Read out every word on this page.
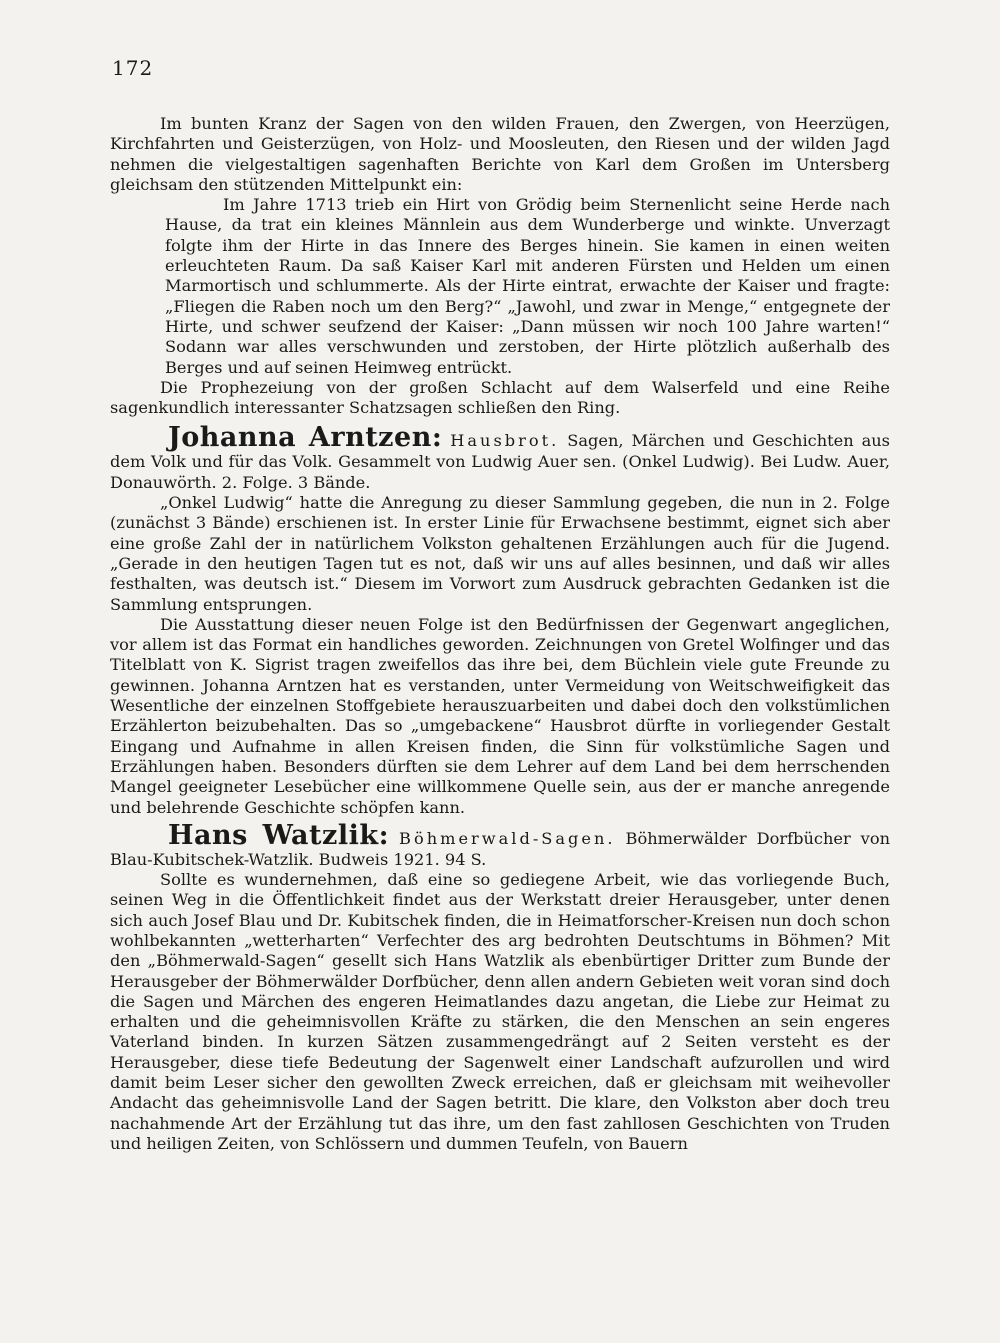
172

Im bunten Kranz der Sagen von den wilden Frauen, den Zwergen, von Heerzügen, Kirchfahrten und Geisterzügen, von Holz- und Moosleuten, den Riesen und der wilden Jagd nehmen die vielgestaltigen sagenhaften Berichte von Karl dem Großen im Untersberg gleichsam den stützenden Mittelpunkt ein:

Im Jahre 1713 trieb ein Hirt von Grödig beim Sternenlicht seine Herde nach Hause, da trat ein kleines Männlein aus dem Wunderberge und winkte. Unverzagt folgte ihm der Hirte in das Innere des Berges hinein. Sie kamen in einen weiten erleuchteten Raum. Da saß Kaiser Karl mit anderen Fürsten und Helden um einen Marmortisch und schlummerte. Als der Hirte eintrat, erwachte der Kaiser und fragte: „Fliegen die Raben noch um den Berg?“ „Jawohl, und zwar in Menge,“ entgegnete der Hirte, und schwer seufzend der Kaiser: „Dann müssen wir noch 100 Jahre warten!“ Sodann war alles verschwunden und zerstoben, der Hirte plötzlich außerhalb des Berges und auf seinen Heimweg entrückt.

Die Prophezeiung von der großen Schlacht auf dem Walserfeld und eine Reihe sagenkundlich interessanter Schatzsagen schließen den Ring.

Johanna Arntzen: Hausbrot. Sagen, Märchen und Geschichten aus dem Volk und für das Volk. Gesammelt von Ludwig Auer sen. (Onkel Ludwig). Bei Ludw. Auer, Donauwörth. 2. Folge. 3 Bände.

„Onkel Ludwig“ hatte die Anregung zu dieser Sammlung gegeben, die nun in 2. Folge (zunächst 3 Bände) erschienen ist. In erster Linie für Erwachsene bestimmt, eignet sich aber eine große Zahl der in natürlichem Volkston gehaltenen Erzählungen auch für die Jugend. „Gerade in den heutigen Tagen tut es not, daß wir uns auf alles besinnen, und daß wir alles festhalten, was deutsch ist.“ Diesem im Vorwort zum Ausdruck gebrachten Gedanken ist die Sammlung entsprungen.

Die Ausstattung dieser neuen Folge ist den Bedürfnissen der Gegenwart angeglichen, vor allem ist das Format ein handliches geworden. Zeichnungen von Gretel Wolfinger und das Titelblatt von K. Sigrist tragen zweifellos das ihre bei, dem Büchlein viele gute Freunde zu gewinnen. Johanna Arntzen hat es verstanden, unter Vermeidung von Weitschweifigkeit das Wesentliche der einzelnen Stoffgebiete herauszuarbeiten und dabei doch den volkstümlichen Erzählerton beizubehalten. Das so „umgebackene“ Hausbrot dürfte in vorliegender Gestalt Eingang und Aufnahme in allen Kreisen finden, die Sinn für volkstümliche Sagen und Erzählungen haben. Besonders dürften sie dem Lehrer auf dem Land bei dem herrschenden Mangel geeigneter Lesebücher eine willkommene Quelle sein, aus der er manche anregende und belehrende Geschichte schöpfen kann.

Hans Watzlik: Böhmerwald-Sagen. Böhmerwälder Dorfbücher von Blau-Kubitschek-Watzlik. Budweis 1921. 94 S.

Sollte es wundernehmen, daß eine so gediegene Arbeit, wie das vorliegende Buch, seinen Weg in die Öffentlichkeit findet aus der Werkstatt dreier Herausgeber, unter denen sich auch Josef Blau und Dr. Kubitschek finden, die in Heimatforscher-Kreisen nun doch schon wohlbekannten „wetterharten“ Verfechter des arg bedrohten Deutschtums in Böhmen? Mit den „Böhmerwald-Sagen“ gesellt sich Hans Watzlik als ebenbürtiger Dritter zum Bunde der Herausgeber der Böhmerwälder Dorfbücher, denn allen andern Gebieten weit voran sind doch die Sagen und Märchen des engeren Heimatlandes dazu angetan, die Liebe zur Heimat zu erhalten und die geheimnisvollen Kräfte zu stärken, die den Menschen an sein engeres Vaterland binden. In kurzen Sätzen zusammengedrängt auf 2 Seiten versteht es der Herausgeber, diese tiefe Bedeutung der Sagenwelt einer Landschaft aufzurollen und wird damit beim Leser sicher den gewollten Zweck erreichen, daß er gleichsam mit weihevoller Andacht das geheimnisvolle Land der Sagen betritt. Die klare, den Volkston aber doch treu nachahmende Art der Erzählung tut das ihre, um den fast zahllosen Geschichten von Truden und heiligen Zeiten, von Schlössern und dummen Teufeln, von Bauern
